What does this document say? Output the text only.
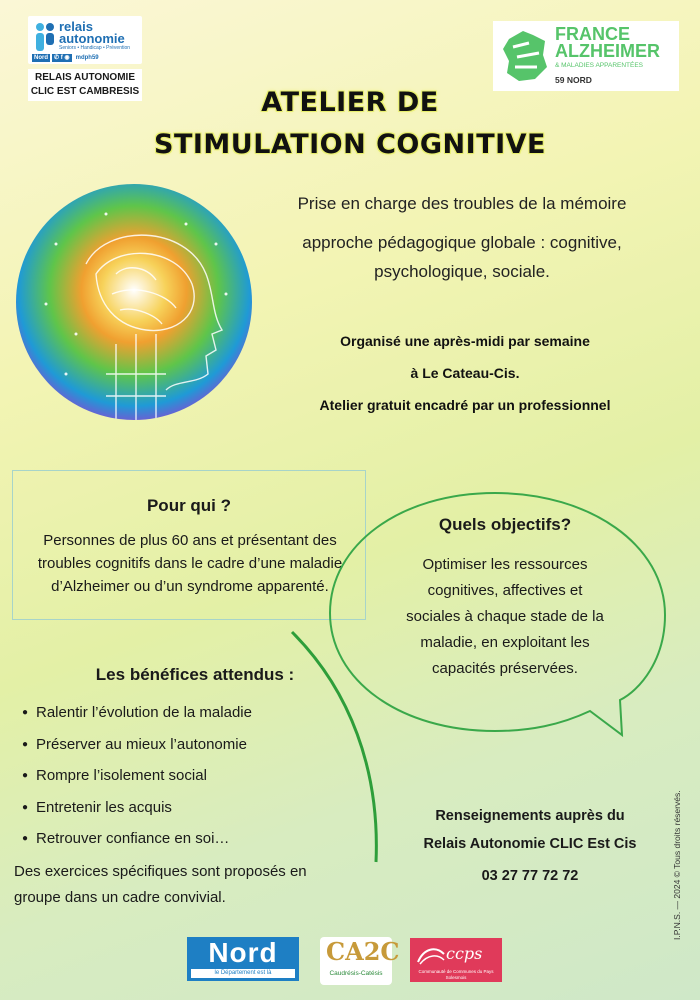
relais
autonomie
Seniors • Handicap • Prévention
Nord	✆ f ◉	mdph59
RELAIS AUTONOMIE
CLIC EST CAMBRESIS
FRANCE
ALZHEIMER
& MALADIES APPARENTÉES
59 NORD
ATELIER DE
STIMULATION COGNITIVE
Prise en charge des troubles de la mémoire
approche pédagogique globale : cognitive,
psychologique, sociale.
Organisé une après-midi par semaine
à Le Cateau-Cis.
Atelier gratuit encadré par un professionnel
Pour qui ?
Personnes de plus 60 ans et présentant des troubles cognitifs dans le cadre d’une maladie d’Alzheimer ou d’un syndrome apparenté.
Quels objectifs?
Optimiser les ressources cognitives, affectives et sociales à chaque stade de la maladie, en exploitant les capacités préservées.
Les bénéfices attendus :
● Ralentir l’évolution de la maladie
● Préserver au mieux l’autonomie
● Rompre l’isolement social
● Entretenir les acquis
● Retrouver confiance en soi…
Des exercices spécifiques sont proposés en groupe dans un cadre convivial.
Renseignements auprès du
Relais Autonomie CLIC Est Cis
03 27 77 72 72	I.P.N.S. — 2024 © Tous droits réservés.
Nord
le Département est là
CA2C
Caudrésis-Catésis
ccps
Communauté de Communes du Pays Solesmois
